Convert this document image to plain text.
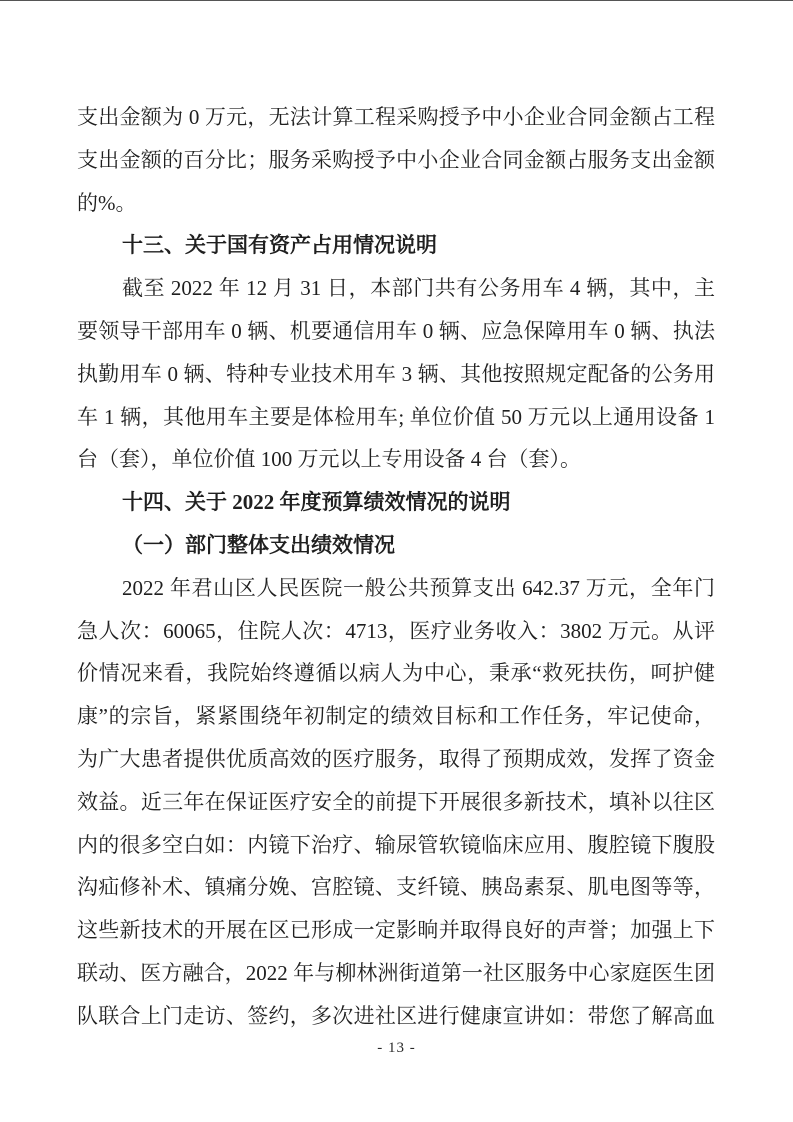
支出金额为 0 万元，无法计算工程采购授予中小企业合同金额占工程
支出金额的百分比；服务采购授予中小企业合同金额占服务支出金额
的%。
十三、关于国有资产占用情况说明
截至 2022 年 12 月 31 日，本部门共有公务用车 4 辆，其中，主
要领导干部用车 0 辆、机要通信用车 0 辆、应急保障用车 0 辆、执法
执勤用车 0 辆、特种专业技术用车 3 辆、其他按照规定配备的公务用
车 1 辆，其他用车主要是体检用车; 单位价值 50 万元以上通用设备 1
台（套），单位价值 100 万元以上专用设备 4 台（套）。
十四、关于 2022 年度预算绩效情况的说明
（一）部门整体支出绩效情况
2022 年君山区人民医院一般公共预算支出 642.37 万元，全年门
急人次：60065，住院人次：4713，医疗业务收入：3802 万元。从评
价情况来看，我院始终遵循以病人为中心，秉承“救死扶伤，呵护健
康”的宗旨，紧紧围绕年初制定的绩效目标和工作任务，牢记使命，
为广大患者提供优质高效的医疗服务，取得了预期成效，发挥了资金
效益。近三年在保证医疗安全的前提下开展很多新技术，填补以往区
内的很多空白如：内镜下治疗、输尿管软镜临床应用、腹腔镜下腹股
沟疝修补术、镇痛分娩、宫腔镜、支纤镜、胰岛素泵、肌电图等等，
这些新技术的开展在区已形成一定影晌并取得良好的声誉；加强上下
联动、医方融合，2022 年与柳林洲街道第一社区服务中心家庭医生团
队联合上门走访、签约，多次进社区进行健康宣讲如：带您了解高血
- 13 -
